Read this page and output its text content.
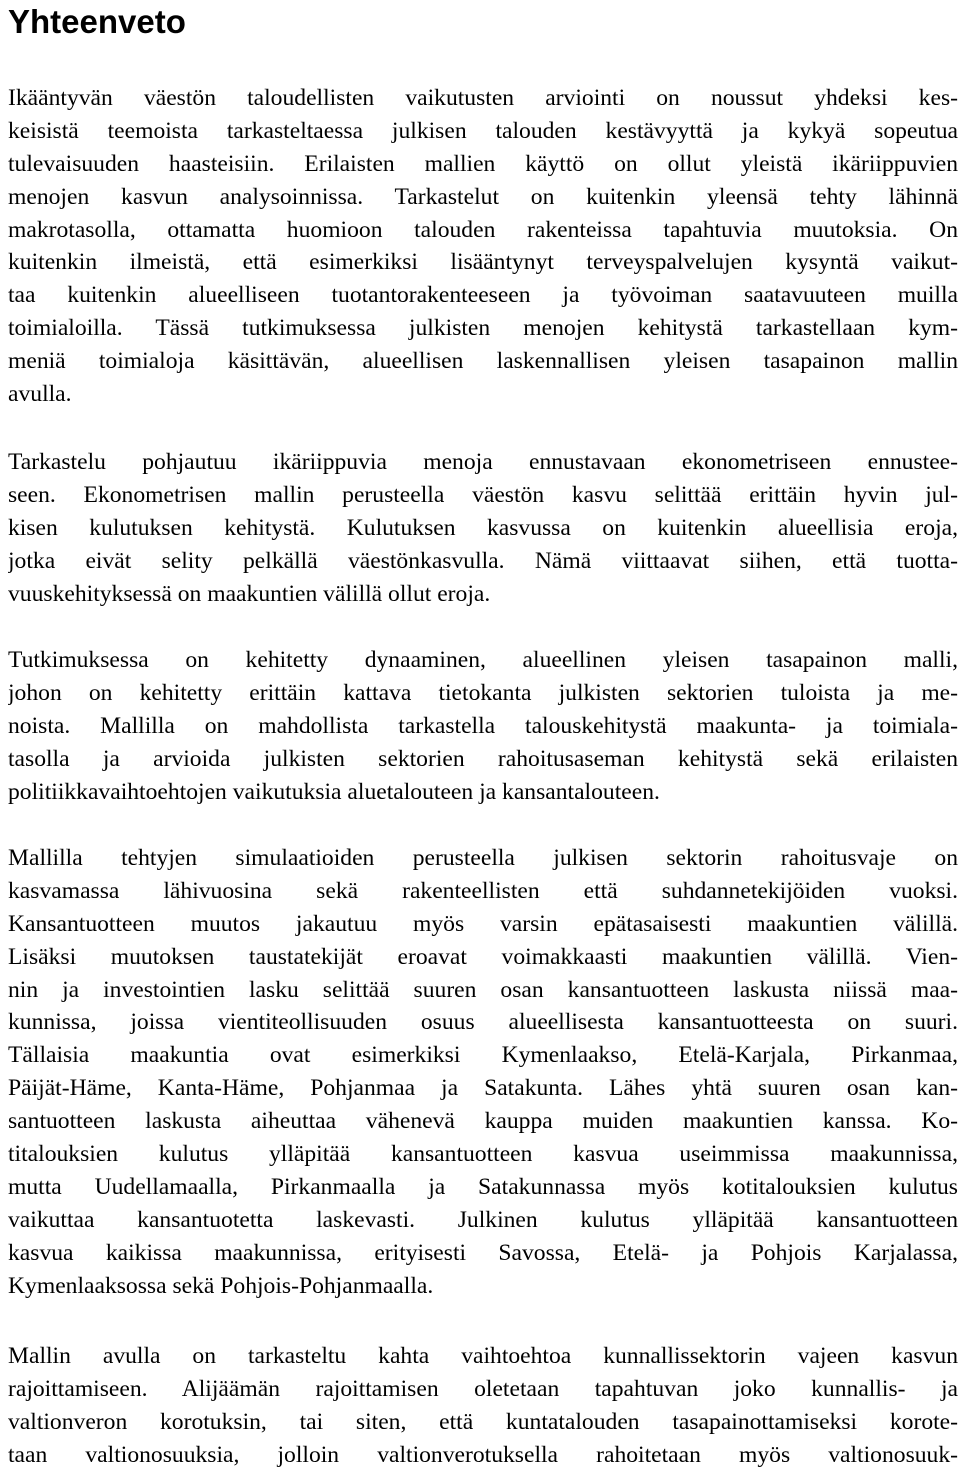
Yhteenveto
Ikääntyvän väestön taloudellisten vaikutusten arviointi on noussut yhdeksi kes-
keisistä teemoista tarkasteltaessa julkisen talouden kestävyyttä ja kykyä sopeutua
tulevaisuuden haasteisiin. Erilaisten mallien käyttö on ollut yleistä ikäriippuvien
menojen kasvun analysoinnissa. Tarkastelut on kuitenkin yleensä tehty lähinnä
makrotasolla, ottamatta huomioon talouden rakenteissa tapahtuvia muutoksia. On
kuitenkin ilmeistä, että esimerkiksi lisääntynyt terveyspalvelujen kysyntä vaikut-
taa kuitenkin alueelliseen tuotantorakenteeseen ja työvoiman saatavuuteen muilla
toimialoilla. Tässä tutkimuksessa julkisten menojen kehitystä tarkastellaan kym-
meniä toimialoja käsittävän, alueellisen laskennallisen yleisen tasapainon mallin
avulla.
Tarkastelu pohjautuu ikäriippuvia menoja ennustavaan ekonometriseen ennustee-
seen. Ekonometrisen mallin perusteella väestön kasvu selittää erittäin hyvin jul-
kisen kulutuksen kehitystä. Kulutuksen kasvussa on kuitenkin alueellisia eroja,
jotka eivät selity pelkällä väestönkasvulla. Nämä viittaavat siihen, että tuotta-
vuuskehityksessä on maakuntien välillä ollut eroja.
Tutkimuksessa on kehitetty dynaaminen, alueellinen yleisen tasapainon malli,
johon on kehitetty erittäin kattava tietokanta julkisten sektorien tuloista ja me-
noista. Mallilla on mahdollista tarkastella talouskehitystä maakunta- ja toimiala-
tasolla ja arvioida julkisten sektorien rahoitusaseman kehitystä sekä erilaisten
politiikkavaihtoehtojen vaikutuksia aluetalouteen ja kansantalouteen.
Mallilla tehtyjen simulaatioiden perusteella julkisen sektorin rahoitusvaje on
kasvamassa lähivuosina sekä rakenteellisten että suhdannetekijöiden vuoksi.
Kansantuotteen muutos jakautuu myös varsin epätasaisesti maakuntien välillä.
Lisäksi muutoksen taustatekijät eroavat voimakkaasti maakuntien välillä. Vien-
nin ja investointien lasku selittää suuren osan kansantuotteen laskusta niissä maa-
kunnissa, joissa vientiteollisuuden osuus alueellisesta kansantuotteesta on suuri.
Tällaisia maakuntia ovat esimerkiksi Kymenlaakso, Etelä-Karjala, Pirkanmaa,
Päijät-Häme, Kanta-Häme, Pohjanmaa ja Satakunta. Lähes yhtä suuren osan kan-
santuotteen laskusta aiheuttaa vähenevä kauppa muiden maakuntien kanssa. Ko-
titalouksien kulutus ylläpitää kansantuotteen kasvua useimmissa maakunnissa,
mutta Uudellamaalla, Pirkanmaalla ja Satakunnassa myös kotitalouksien kulutus
vaikuttaa kansantuotetta laskevasti. Julkinen kulutus ylläpitää kansantuotteen
kasvua kaikissa maakunnissa, erityisesti Savossa, Etelä- ja Pohjois Karjalassa,
Kymenlaaksossa sekä Pohjois-Pohjanmaalla.
Mallin avulla on tarkasteltu kahta vaihtoehtoa kunnallissektorin vajeen kasvun
rajoittamiseen. Alijäämän rajoittamisen oletetaan tapahtuvan joko kunnallis- ja
valtionveron korotuksin, tai siten, että kuntatalouden tasapainottamiseksi korote-
taan valtionosuuksia, jolloin valtionverotuksella rahoitetaan myös valtionosuuk-
